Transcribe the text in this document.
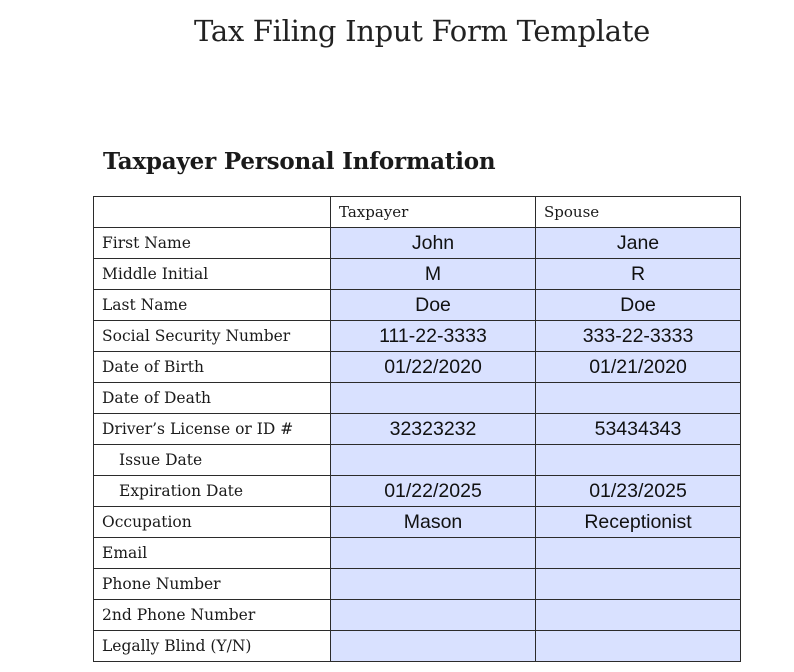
Tax Filing Input Form Template
Taxpayer Personal Information
	Taxpayer	Spouse
First Name	John	Jane
Middle Initial	M	R
Last Name	Doe	Doe
Social Security Number	111-22-3333	333-22-3333
Date of Birth	01/22/2020	01/21/2020
Date of Death		
Driver’s License or ID #	32323232	53434343
Issue Date		
Expiration Date	01/22/2025	01/23/2025
Occupation	Mason	Receptionist
Email		
Phone Number		
2nd Phone Number		
Legally Blind (Y/N)		
